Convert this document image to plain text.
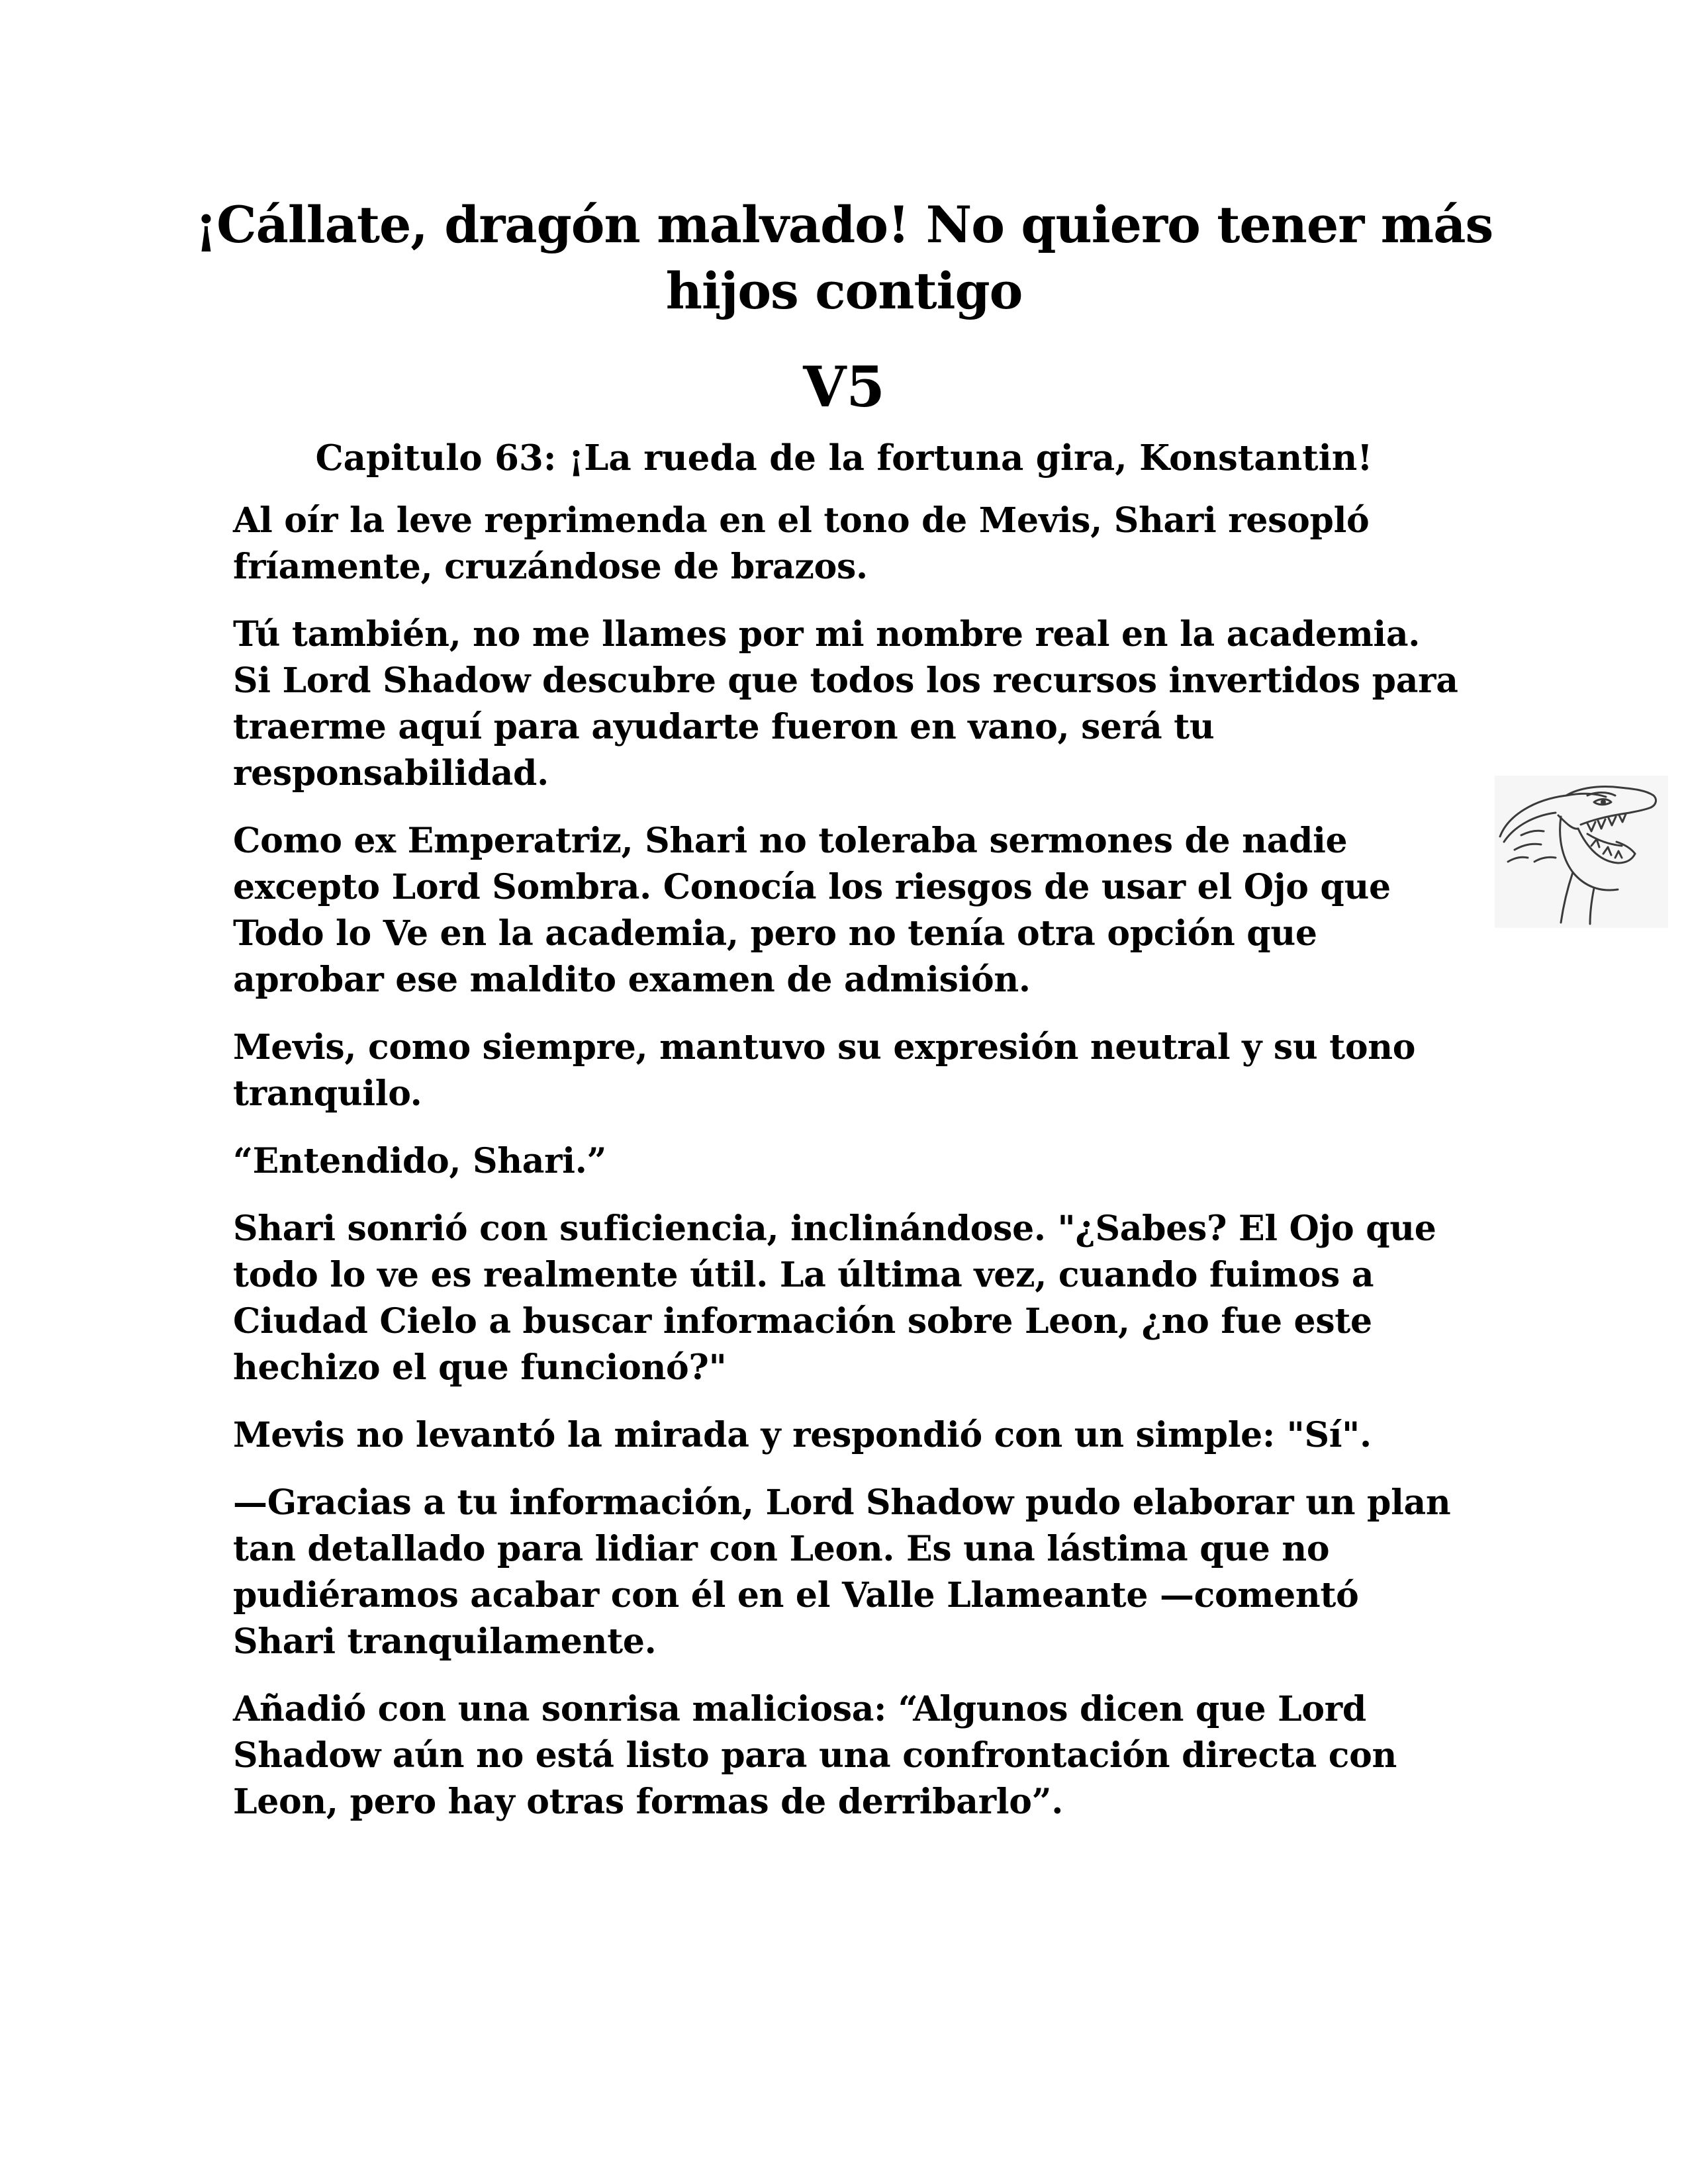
¡Cállate, dragón malvado! No quiero tener más hijos contigo
V5
Capitulo 63: ¡La rueda de la fortuna gira, Konstantin!

Al oír la leve reprimenda en el tono de Mevis, Shari resopló fríamente, cruzándose de brazos.

Tú también, no me llames por mi nombre real en la academia. Si Lord Shadow descubre que todos los recursos invertidos para traerme aquí para ayudarte fueron en vano, será tu responsabilidad.

Como ex Emperatriz, Shari no toleraba sermones de nadie excepto Lord Sombra. Conocía los riesgos de usar el Ojo que Todo lo Ve en la academia, pero no tenía otra opción que aprobar ese maldito examen de admisión.

Mevis, como siempre, mantuvo su expresión neutral y su tono tranquilo.

“Entendido, Shari.”

Shari sonrió con suficiencia, inclinándose. "¿Sabes? El Ojo que todo lo ve es realmente útil. La última vez, cuando fuimos a Ciudad Cielo a buscar información sobre Leon, ¿no fue este hechizo el que funcionó?"

Mevis no levantó la mirada y respondió con un simple: "Sí".

—Gracias a tu información, Lord Shadow pudo elaborar un plan tan detallado para lidiar con Leon. Es una lástima que no pudiéramos acabar con él en el Valle Llameante —comentó Shari tranquilamente.

Añadió con una sonrisa maliciosa: “Algunos dicen que Lord Shadow aún no está listo para una confrontación directa con Leon, pero hay otras formas de derribarlo”.
